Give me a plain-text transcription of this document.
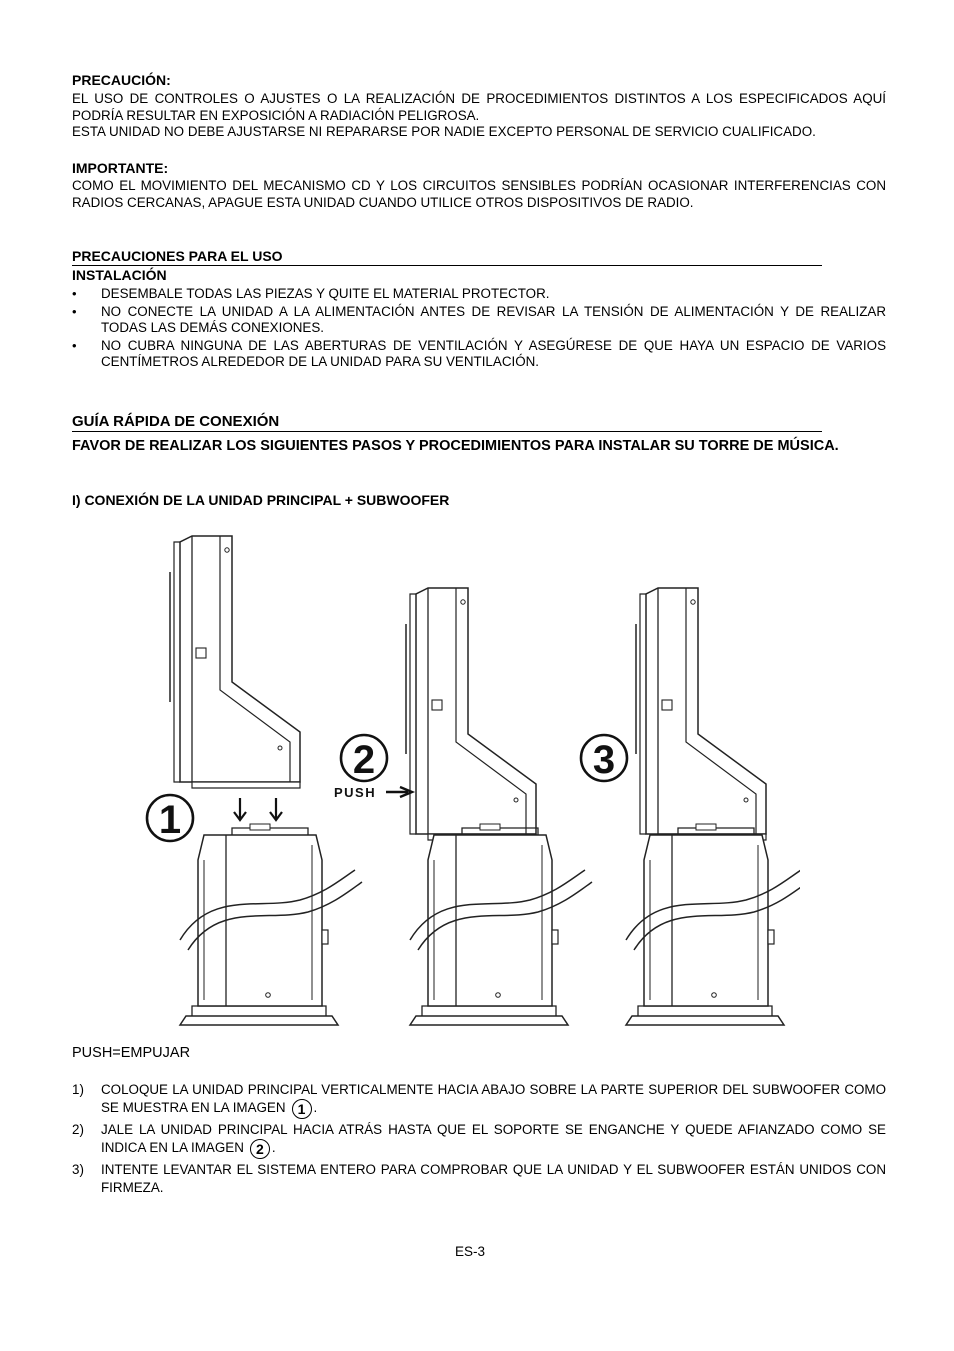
PRECAUCIÓN:
EL USO DE CONTROLES O AJUSTES O LA REALIZACIÓN DE PROCEDIMIENTOS DISTINTOS A LOS ESPECIFICADOS AQUÍ PODRÍA RESULTAR EN EXPOSICIÓN A RADIACIÓN PELIGROSA.
ESTA UNIDAD NO DEBE AJUSTARSE NI REPARARSE POR NADIE EXCEPTO PERSONAL DE SERVICIO CUALIFICADO.
IMPORTANTE:
COMO EL MOVIMIENTO DEL MECANISMO CD Y LOS CIRCUITOS SENSIBLES PODRÍAN OCASIONAR INTERFERENCIAS CON RADIOS CERCANAS, APAGUE ESTA UNIDAD CUANDO UTILICE OTROS DISPOSITIVOS DE RADIO.
PRECAUCIONES PARA EL USO
INSTALACIÓN
• DESEMBALE TODAS LAS PIEZAS Y QUITE EL MATERIAL PROTECTOR.
• NO CONECTE LA UNIDAD A LA ALIMENTACIÓN ANTES DE REVISAR LA TENSIÓN DE ALIMENTACIÓN Y DE REALIZAR TODAS LAS DEMÁS CONEXIONES.
• NO CUBRA NINGUNA DE LAS ABERTURAS DE VENTILACIÓN Y ASEGÚRESE DE QUE HAYA UN ESPACIO DE VARIOS CENTÍMETROS ALREDEDOR DE LA UNIDAD PARA SU VENTILACIÓN.
GUÍA RÁPIDA DE CONEXIÓN
FAVOR DE REALIZAR LOS SIGUIENTES PASOS Y PROCEDIMIENTOS PARA INSTALAR SU TORRE DE MÚSICA.
I) CONEXIÓN DE LA UNIDAD PRINCIPAL + SUBWOOFER
1
2
PUSH
3
PUSH=EMPUJAR
1) COLOQUE LA UNIDAD PRINCIPAL VERTICALMENTE HACIA ABAJO SOBRE LA PARTE SUPERIOR DEL SUBWOOFER COMO SE MUESTRA EN LA IMAGEN 1 .
2) JALE LA UNIDAD PRINCIPAL HACIA ATRÁS HASTA QUE EL SOPORTE SE ENGANCHE Y QUEDE AFIANZADO COMO SE INDICA EN LA IMAGEN 2 .
3) INTENTE LEVANTAR EL SISTEMA ENTERO PARA COMPROBAR QUE LA UNIDAD Y EL SUBWOOFER ESTÁN UNIDOS CON FIRMEZA.
ES-3
